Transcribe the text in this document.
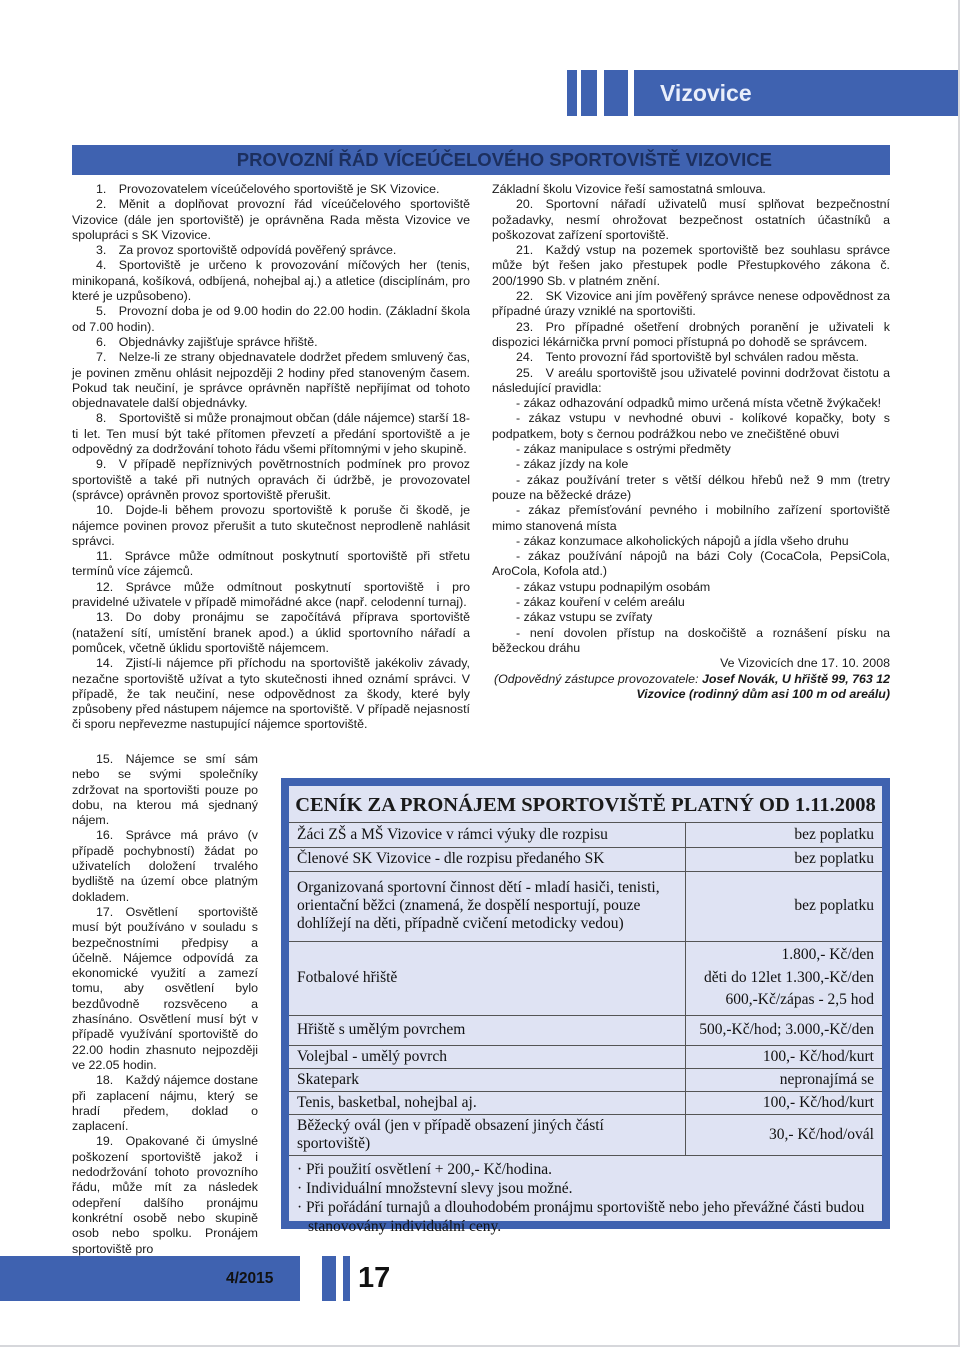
Vizovice
PROVOZNÍ ŘÁD VÍCEÚČELOVÉHO SPORTOVIŠTĚ VIZOVICE

1. Provozovatelem víceúčelového sportoviště je SK Vizovice.

2. Měnit a doplňovat provozní řád víceúčelového sportoviště Vizovice (dále jen sportoviště) je oprávněna Rada města Vizovice ve spolupráci s SK Vizovice.

3. Za provoz sportoviště odpovídá pověřený správce.

4. Sportoviště je určeno k provozování míčových her (tenis, minikopaná, košíková, odbíjená, nohejbal aj.) a atletice (disciplínám, pro které je uzpůsobeno).

5. Provozní doba je od 9.00 hodin do 22.00 hodin. (Základní škola od 7.00 hodin).

6. Objednávky zajišťuje správce hřiště.

7. Nelze-li ze strany objednavatele dodržet předem smluvený čas, je povinen změnu ohlásit nejpozději 2 hodiny před stanoveným časem. Pokud tak neučiní, je správce oprávněn napříště nepřijímat od tohoto objednavatele další objednávky.

8. Sportoviště si může pronajmout občan (dále nájemce) starší 18-ti let. Ten musí být také přítomen převzetí a předání sportoviště a je odpovědný za dodržování tohoto řádu všemi přítomnými v jeho skupině.

9. V případě nepříznivých povětrnostních podmínek pro provoz sportoviště a také při nutných opravách či údržbě, je provozovatel (správce) oprávněn provoz sportoviště přerušit.

10. Dojde-li během provozu sportoviště k poruše či škodě, je nájemce povinen provoz přerušit a tuto skutečnost neprodleně nahlásit správci.

11. Správce může odmítnout poskytnutí sportoviště při střetu termínů více zájemců.

12. Správce může odmítnout poskytnutí sportoviště i pro pravidelné uživatele v případě mimořádné akce (např. celodenní turnaj).

13. Do doby pronájmu se započítává příprava sportoviště (natažení sítí, umístění branek apod.) a úklid sportovního nářadí a pomůcek, včetně úklidu sportoviště nájemcem.

14. Zjistí-li nájemce při příchodu na sportoviště jakékoliv závady, nezačne sportoviště užívat a tyto skutečnosti ihned oznámí správci. V případě, že tak neučiní, nese odpovědnost za škody, které byly způsobeny před nástupem nájemce na sportoviště. V případě nejasností či sporu nepřevezme nastupující nájemce sportoviště.

15. Nájemce se smí sám nebo se svými společníky zdržovat na sportovišti pouze po dobu, na kterou má sjednaný nájem.

16. Správce má právo (v případě pochybností) žádat po uživatelích doložení trvalého bydliště na území obce platným dokladem.

17. Osvětlení sportoviště musí být používáno v souladu s bezpečnostními předpisy a účelně. Nájemce odpovídá za ekonomické využití a zamezí tomu, aby osvětlení bylo bezdůvodně rozsvěceno a zhasínáno. Osvětlení musí být v případě využívání sportoviště do 22.00 hodin zhasnuto nejpozději ve 22.05 hodin.

18. Každý nájemce dostane při zaplacení nájmu, který se hradí předem, doklad o zaplacení.

19. Opakované či úmyslné poškození sportoviště jakož i nedodržování tohoto provozního řádu, může mít za následek odepření dalšího pronájmu konkrétní osobě nebo skupině osob nebo spolku. Pronájem sportoviště pro

Základní školu Vizovice řeší samostatná smlouva.

20. Sportovní nářadí uživatelů musí splňovat bezpečnostní požadavky, nesmí ohrožovat bezpečnost ostatních účastníků a poškozovat zařízení sportoviště.

21. Každý vstup na pozemek sportoviště bez souhlasu správce může být řešen jako přestupek podle Přestupkového zákona č. 200/1990 Sb. v platném znění.

22. SK Vizovice ani jím pověřený správce nenese odpovědnost za případné úrazy vzniklé na sportovišti.

23. Pro případné ošetření drobných poranění je uživateli k dispozici lékárnička první pomoci přístupná po dohodě se správcem.

24. Tento provozní řád sportoviště byl schválen radou města.

25. V areálu sportoviště jsou uživatelé povinni dodržovat čistotu a následující pravidla:

- zákaz odhazování odpadků mimo určená místa včetně žvýkaček!

- zákaz vstupu v nevhodné obuvi - kolíkové kopačky, boty s podpatkem, boty s černou podrážkou nebo ve znečištěné obuvi

- zákaz manipulace s ostrými předměty

- zákaz jízdy na kole

- zákaz používání treter s větší délkou hřebů než 9 mm (tretry pouze na běžecké dráze)

- zákaz přemísťování pevného i mobilního zařízení sportoviště mimo stanovená místa

- zákaz konzumace alkoholických nápojů a jídla všeho druhu

- zákaz používání nápojů na bázi Coly (CocaCola, PepsiCola, AroCola, Kofola atd.)

- zákaz vstupu podnapilým osobám

- zákaz kouření v celém areálu

- zákaz vstupu se zvířaty

- není dovolen přístup na doskočiště a roznášení písku na běžeckou dráhu

Ve Vizovicích dne 17. 10. 2008

(Odpovědný zástupce provozovatele: Josef Novák, U hřiště 99, 763 12 Vizovice (rodinný dům asi 100 m od areálu)

CENÍK ZA PRONÁJEM SPORTOVIŠTĚ PLATNÝ OD 1.11.2008
Žáci ZŠ a MŠ Vizovice v rámci výuky dle rozpisu	bez poplatku

Členové SK Vizovice - dle rozpisu předaného SK	bez poplatku

Organizovaná sportovní činnost dětí - mladí hasiči, tenisti, orientační běžci (znamená, že dospělí nesportují, pouze dohlížejí na děti, případně cvičení metodicky vedou)	bez poplatku

Fotbalové hřiště	1.800,- Kč/den
děti do 12let 1.300,-Kč/den
600,-Kč/zápas - 2,5 hod

Hřiště s umělým povrchem	500,-Kč/hod; 3.000,-Kč/den

Volejbal - umělý povrch	100,- Kč/hod/kurt

Skatepark	nepronajímá se

Tenis, basketbal, nohejbal aj.	100,- Kč/hod/kurt

Běžecký ovál (jen v případě obsazení jiných částí sportoviště)	30,- Kč/hod/ovál
· Při použití osvětlení + 200,- Kč/hodina.
· Individuální množstevní slevy jsou možné.
· Při pořádání turnajů a dlouhodobém pronájmu sportoviště nebo jeho převážné části budou stanovovány individuální ceny.
4/2015	17
